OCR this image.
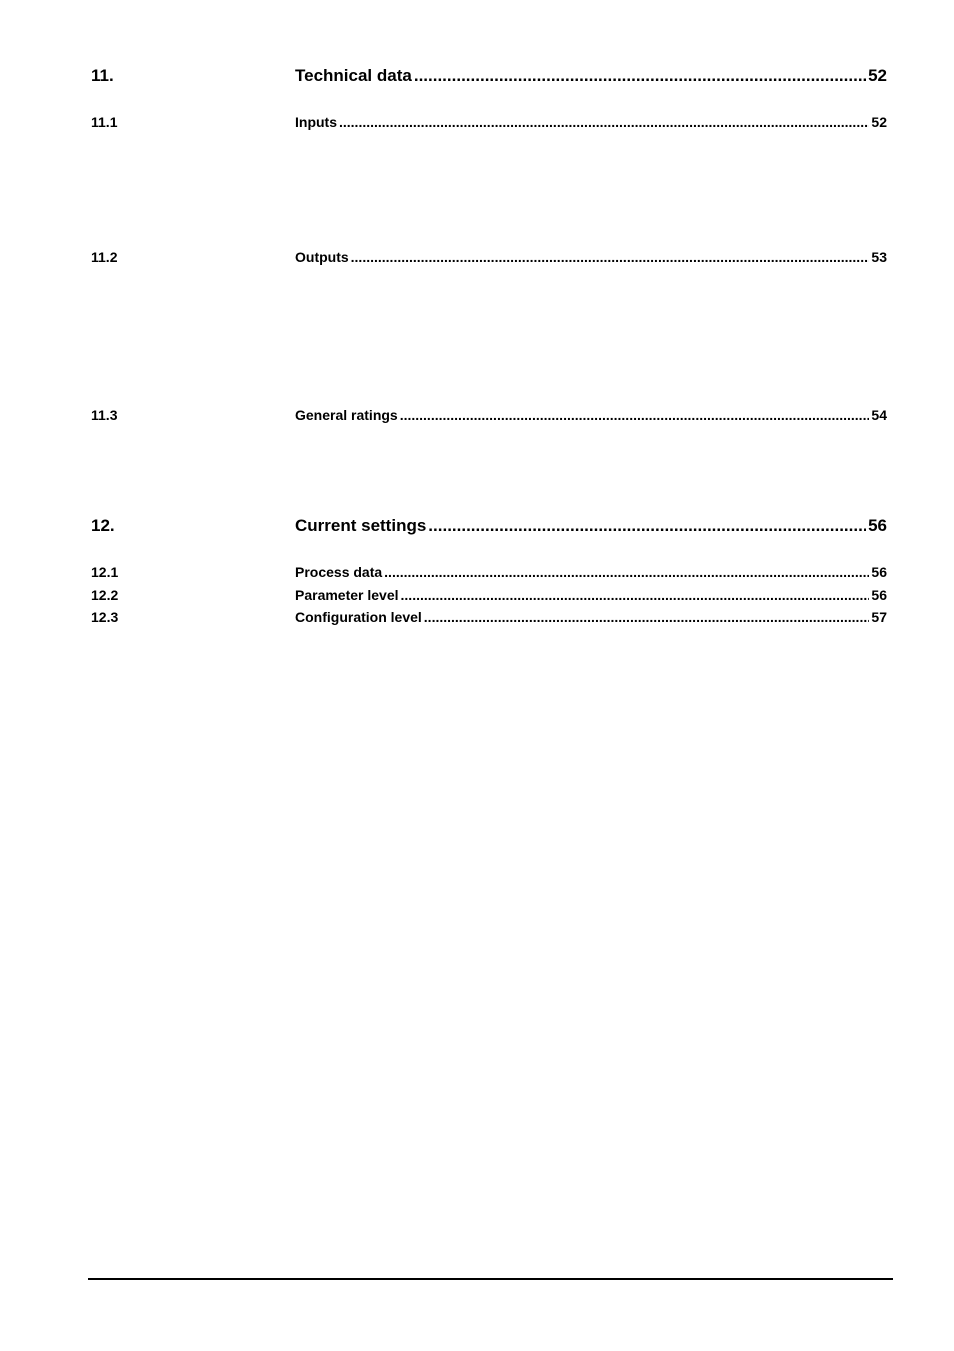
11.	Technical data .....	52
11.1	Inputs .....	52
11.2	Outputs .....	53
11.3	General ratings .....	54
12.	Current settings .....	56
12.1	Process data .....	56
12.2	Parameter level .....	56
12.3	Configuration level .....	57
